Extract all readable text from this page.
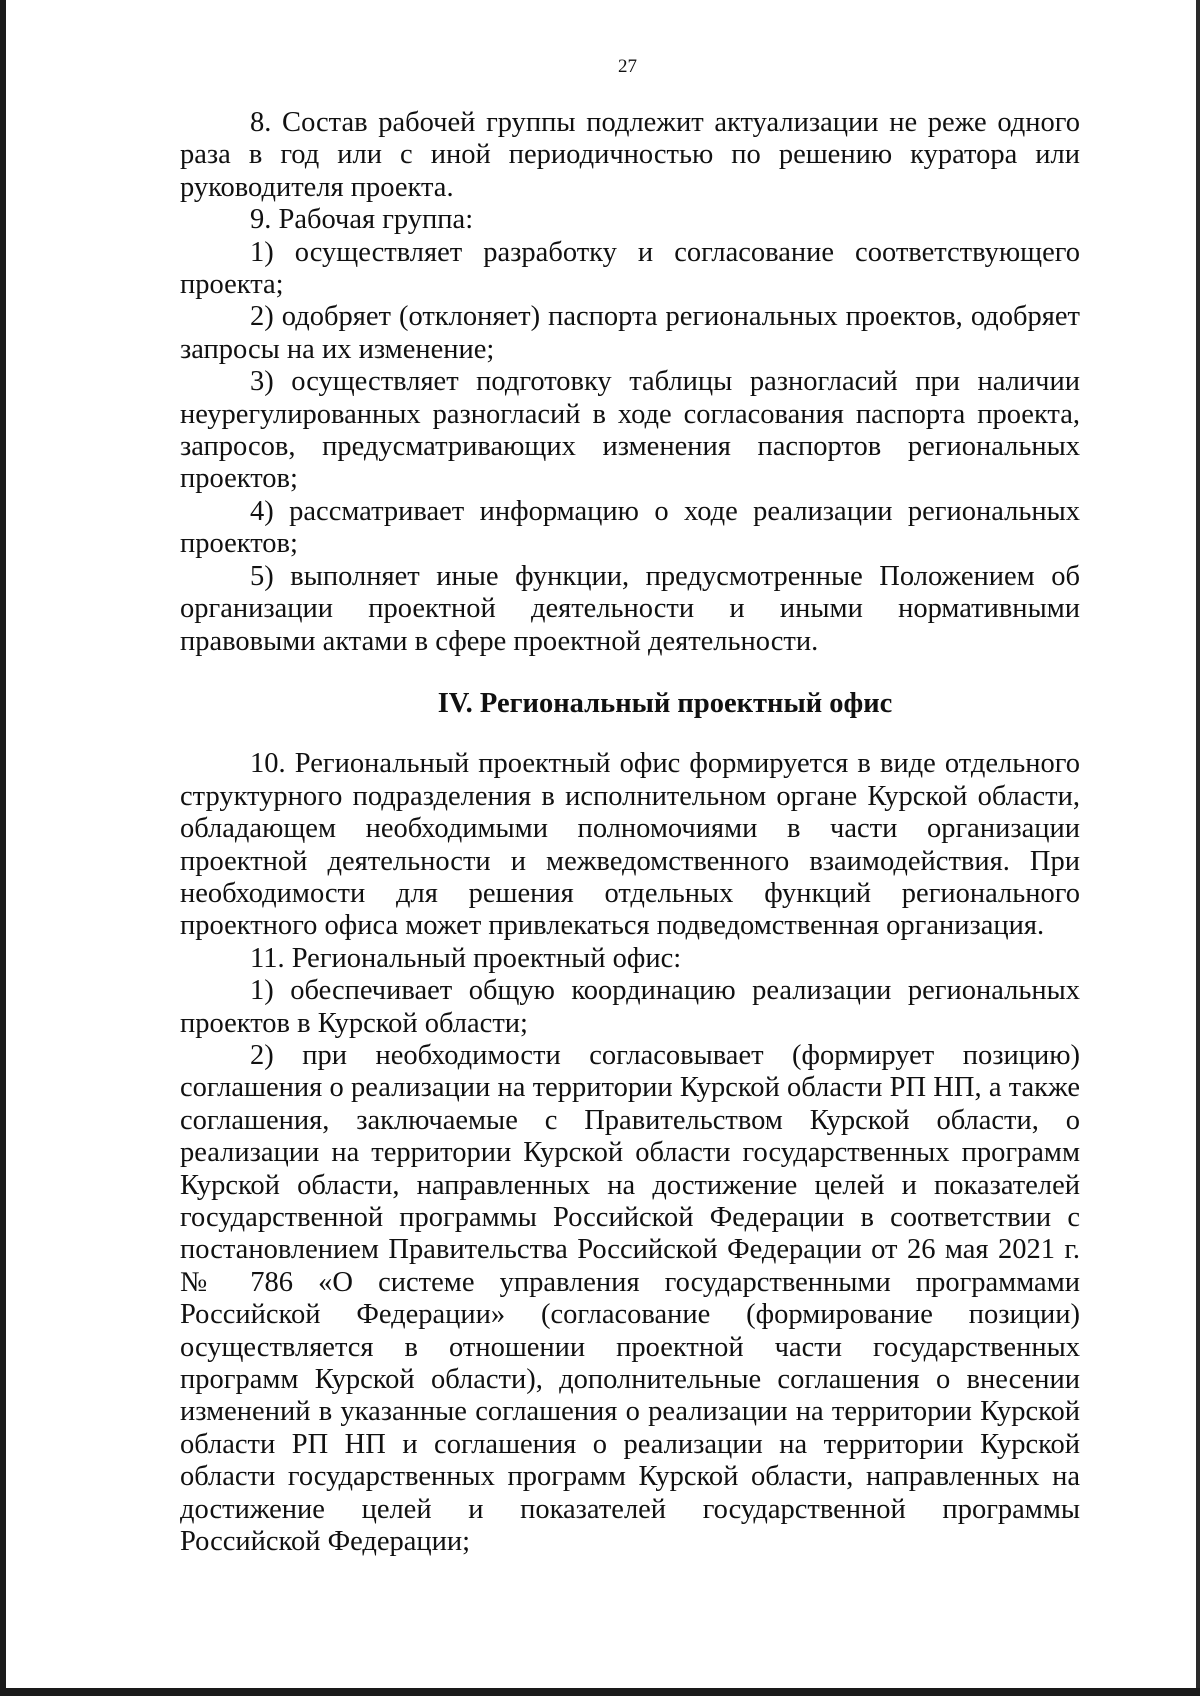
27

8. Состав рабочей группы подлежит актуализации не реже одного раза в год или с иной периодичностью по решению куратора или руководителя проекта.

9. Рабочая группа:

1) осуществляет разработку и согласование соответствующего проекта;

2) одобряет (отклоняет) паспорта региональных проектов, одобряет запросы на их изменение;

3) осуществляет подготовку таблицы разногласий при наличии неурегулированных разногласий в ходе согласования паспорта проекта, запросов, предусматривающих изменения паспортов региональных проектов;

4) рассматривает информацию о ходе реализации региональных проектов;

5) выполняет иные функции, предусмотренные Положением об организации проектной деятельности и иными нормативными правовыми актами в сфере проектной деятельности.

IV. Региональный проектный офис

10. Региональный проектный офис формируется в виде отдельного структурного подразделения в исполнительном органе Курской области, обладающем необходимыми полномочиями в части организации проектной деятельности и межведомственного взаимодействия. При необходимости для решения отдельных функций регионального проектного офиса может привлекаться подведомственная организация.

11. Региональный проектный офис:

1) обеспечивает общую координацию реализации региональных проектов в Курской области;

2) при необходимости согласовывает (формирует позицию) соглашения о реализации на территории Курской области РП НП, а также соглашения, заключаемые с Правительством Курской области, о реализации на территории Курской области государственных программ Курской области, направленных на достижение целей и показателей государственной программы Российской Федерации в соответствии с постановлением Правительства Российской Федерации от 26 мая 2021 г. № 786 «О системе управления государственными программами Российской Федерации» (согласование (формирование позиции) осуществляется в отношении проектной части государственных программ Курской области), дополнительные соглашения о внесении изменений в указанные соглашения о реализации на территории Курской области РП НП и соглашения о реализации на территории Курской области государственных программ Курской области, направленных на достижение целей и показателей государственной программы Российской Федерации;
